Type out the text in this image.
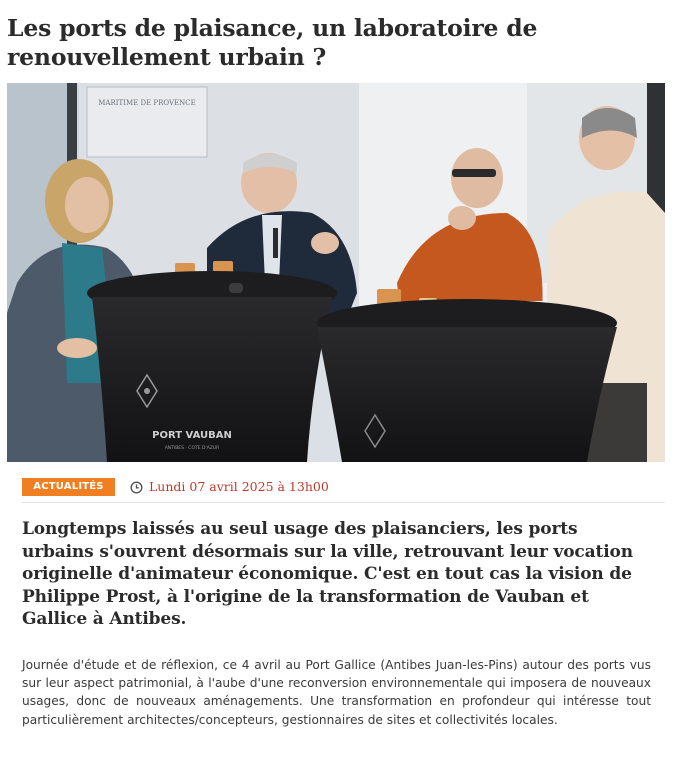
Les ports de plaisance, un laboratoire de renouvellement urbain ?
MARITIME DE PROVENCE
PORT VAUBAN
ANTIBES · COTE D'AZUR
ACTUALITÉS	Lundi 07 avril 2025 à 13h00

Longtemps laissés au seul usage des plaisanciers, les ports urbains s'ouvrent désormais sur la ville, retrouvant leur vocation originelle d'animateur économique. C'est en tout cas la vision de Philippe Prost, à l'origine de la transformation de Vauban et Gallice à Antibes.

Journée d'étude et de réflexion, ce 4 avril au Port Gallice (Antibes Juan-les-Pins) autour des ports vus sur leur aspect patrimonial, à l'aube d'une reconversion environnementale qui imposera de nouveaux usages, donc de nouveaux aménagements. Une transformation en profondeur qui intéresse tout particulièrement architectes/concepteurs, gestionnaires de sites et collectivités locales.
